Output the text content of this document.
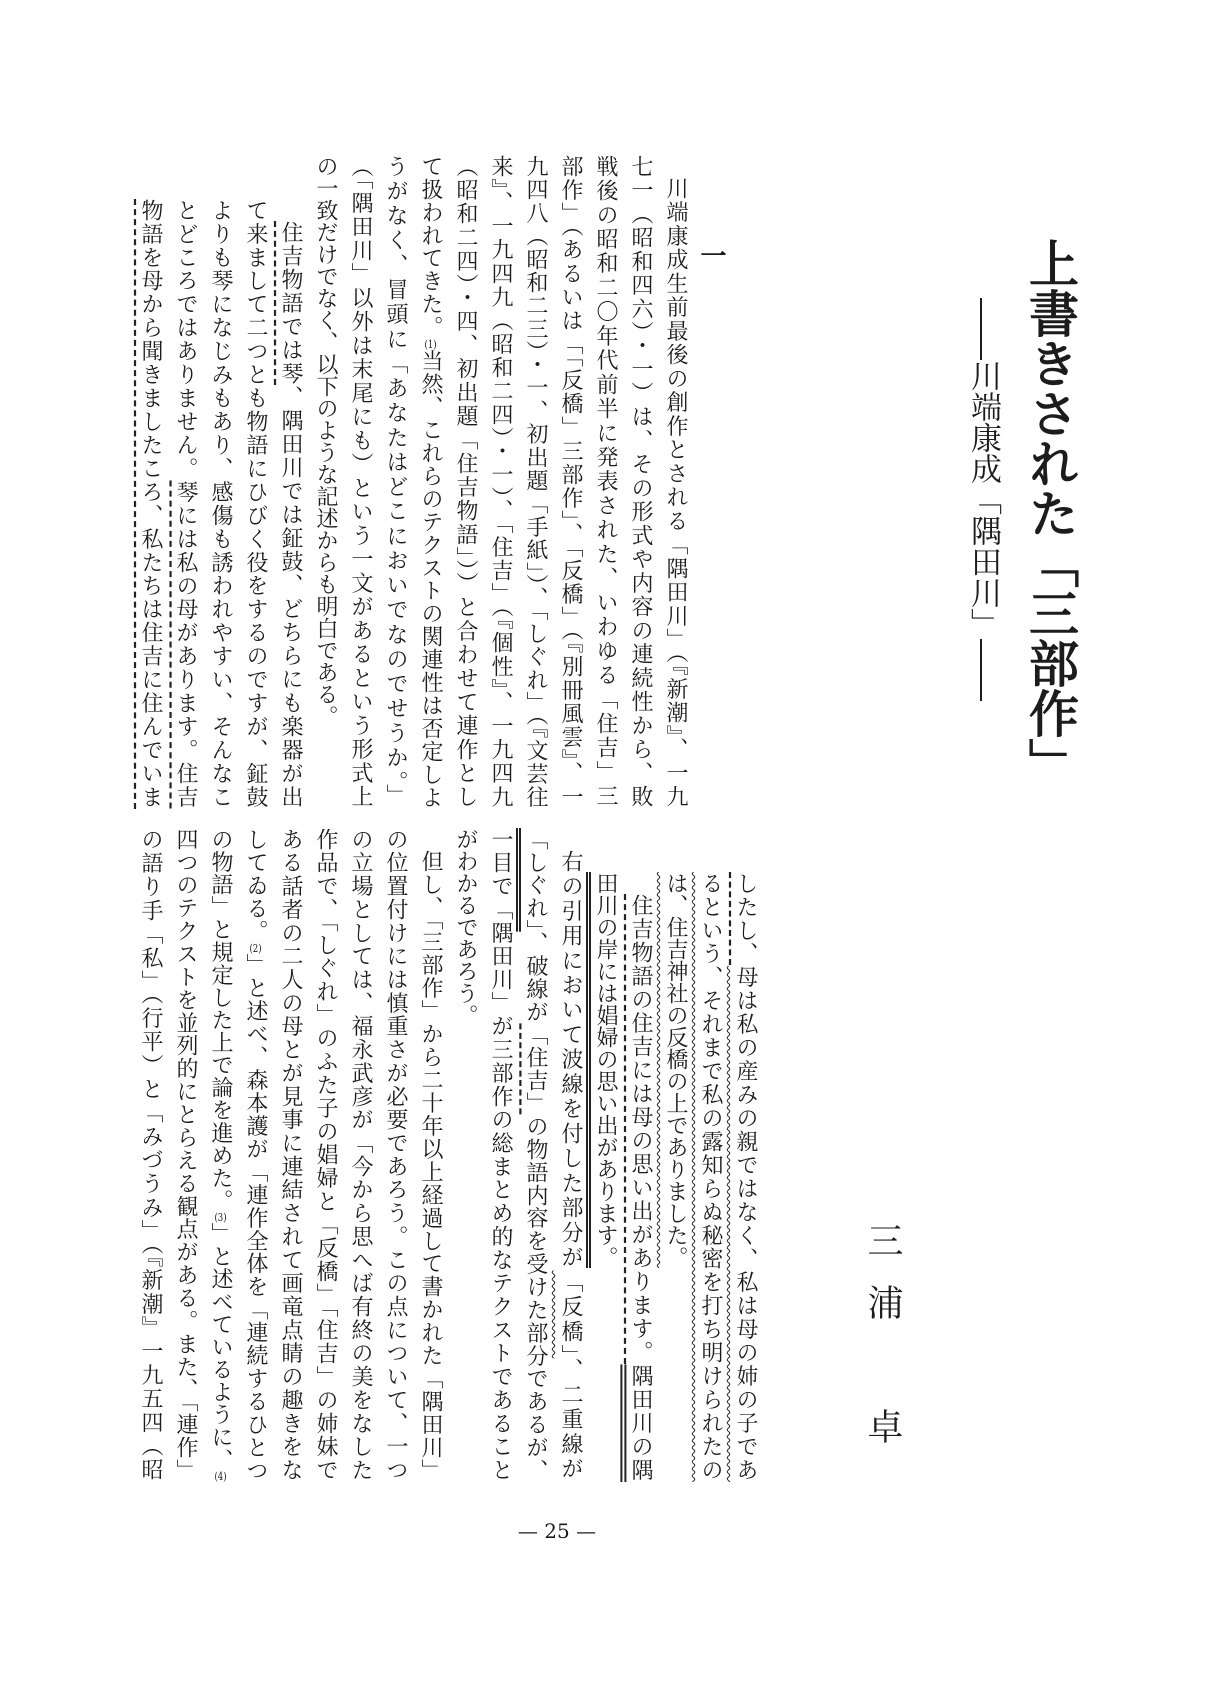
上書きされた「三部作」
――川端康成「隅田川」――
三浦　卓
一
川端康成生前最後の創作とされる「隅田川」（『新潮』、一九
七一（昭和四六）・一）は、その形式や内容の連続性から、敗
戦後の昭和二〇年代前半に発表された、いわゆる「住吉」三
部作」（あるいは「「反橋」三部作」、「反橋」（『別冊風雲』、一
九四八（昭和二三）・一、初出題「手紙」）、「しぐれ」（『文芸往
来』、一九四九（昭和二四）・一）、「住吉」（『個性』、一九四九
（昭和二四）・四、初出題「住吉物語」））と合わせて連作とし
て扱われてきた。(1)当然、これらのテクストの関連性は否定しよ
うがなく、冒頭に「あなたはどこにおいでなのでせうか。」
（「隅田川」以外は末尾にも）という一文があるという形式上
の一致だけでなく、以下のような記述からも明白である。
住吉物語では琴、隅田川では鉦鼓、どちらにも楽器が出
て来まして二つとも物語にひびく役をするのですが、鉦鼓
よりも琴になじみもあり、感傷も誘われやすい、そんなこ
とどころではありません。琴には私の母があります。住吉
物語を母から聞きましたころ、私たちは住吉に住んでいま
したし、母は私の産みの親ではなく、私は母の姉の子であ
るという、それまで私の露知らぬ秘密を打ち明けられたの
は、住吉神社の反橋の上でありました。
住吉物語の住吉には母の思い出があります。隅田川の隅
田川の岸には娼婦の思い出があります。
右の引用において波線を付した部分が「反橋」、二重線が
「しぐれ」、破線が「住吉」の物語内容を受けた部分であるが、
一目で「隅田川」が三部作の総まとめ的なテクストであること
がわかるであろう。
但し、「三部作」から二十年以上経過して書かれた「隅田川」
の位置付けには慎重さが必要であろう。この点について、一つ
の立場としては、福永武彦が「今から思へば有終の美をなした
作品で、「しぐれ」のふた子の娼婦と「反橋」「住吉」の姉妹で
ある話者の二人の母とが見事に連結されて画竜点睛の趣きをな
してゐる。(2)」と述べ、森本護が「連作全体を「連続するひとつ
の物語」と規定した上で論を進めた。(3)」と述べているように、(4)
四つのテクストを並列的にとらえる観点がある。また、「連作」
の語り手「私」（行平）と「みづうみ」（『新潮』一九五四（昭
— 25 —
